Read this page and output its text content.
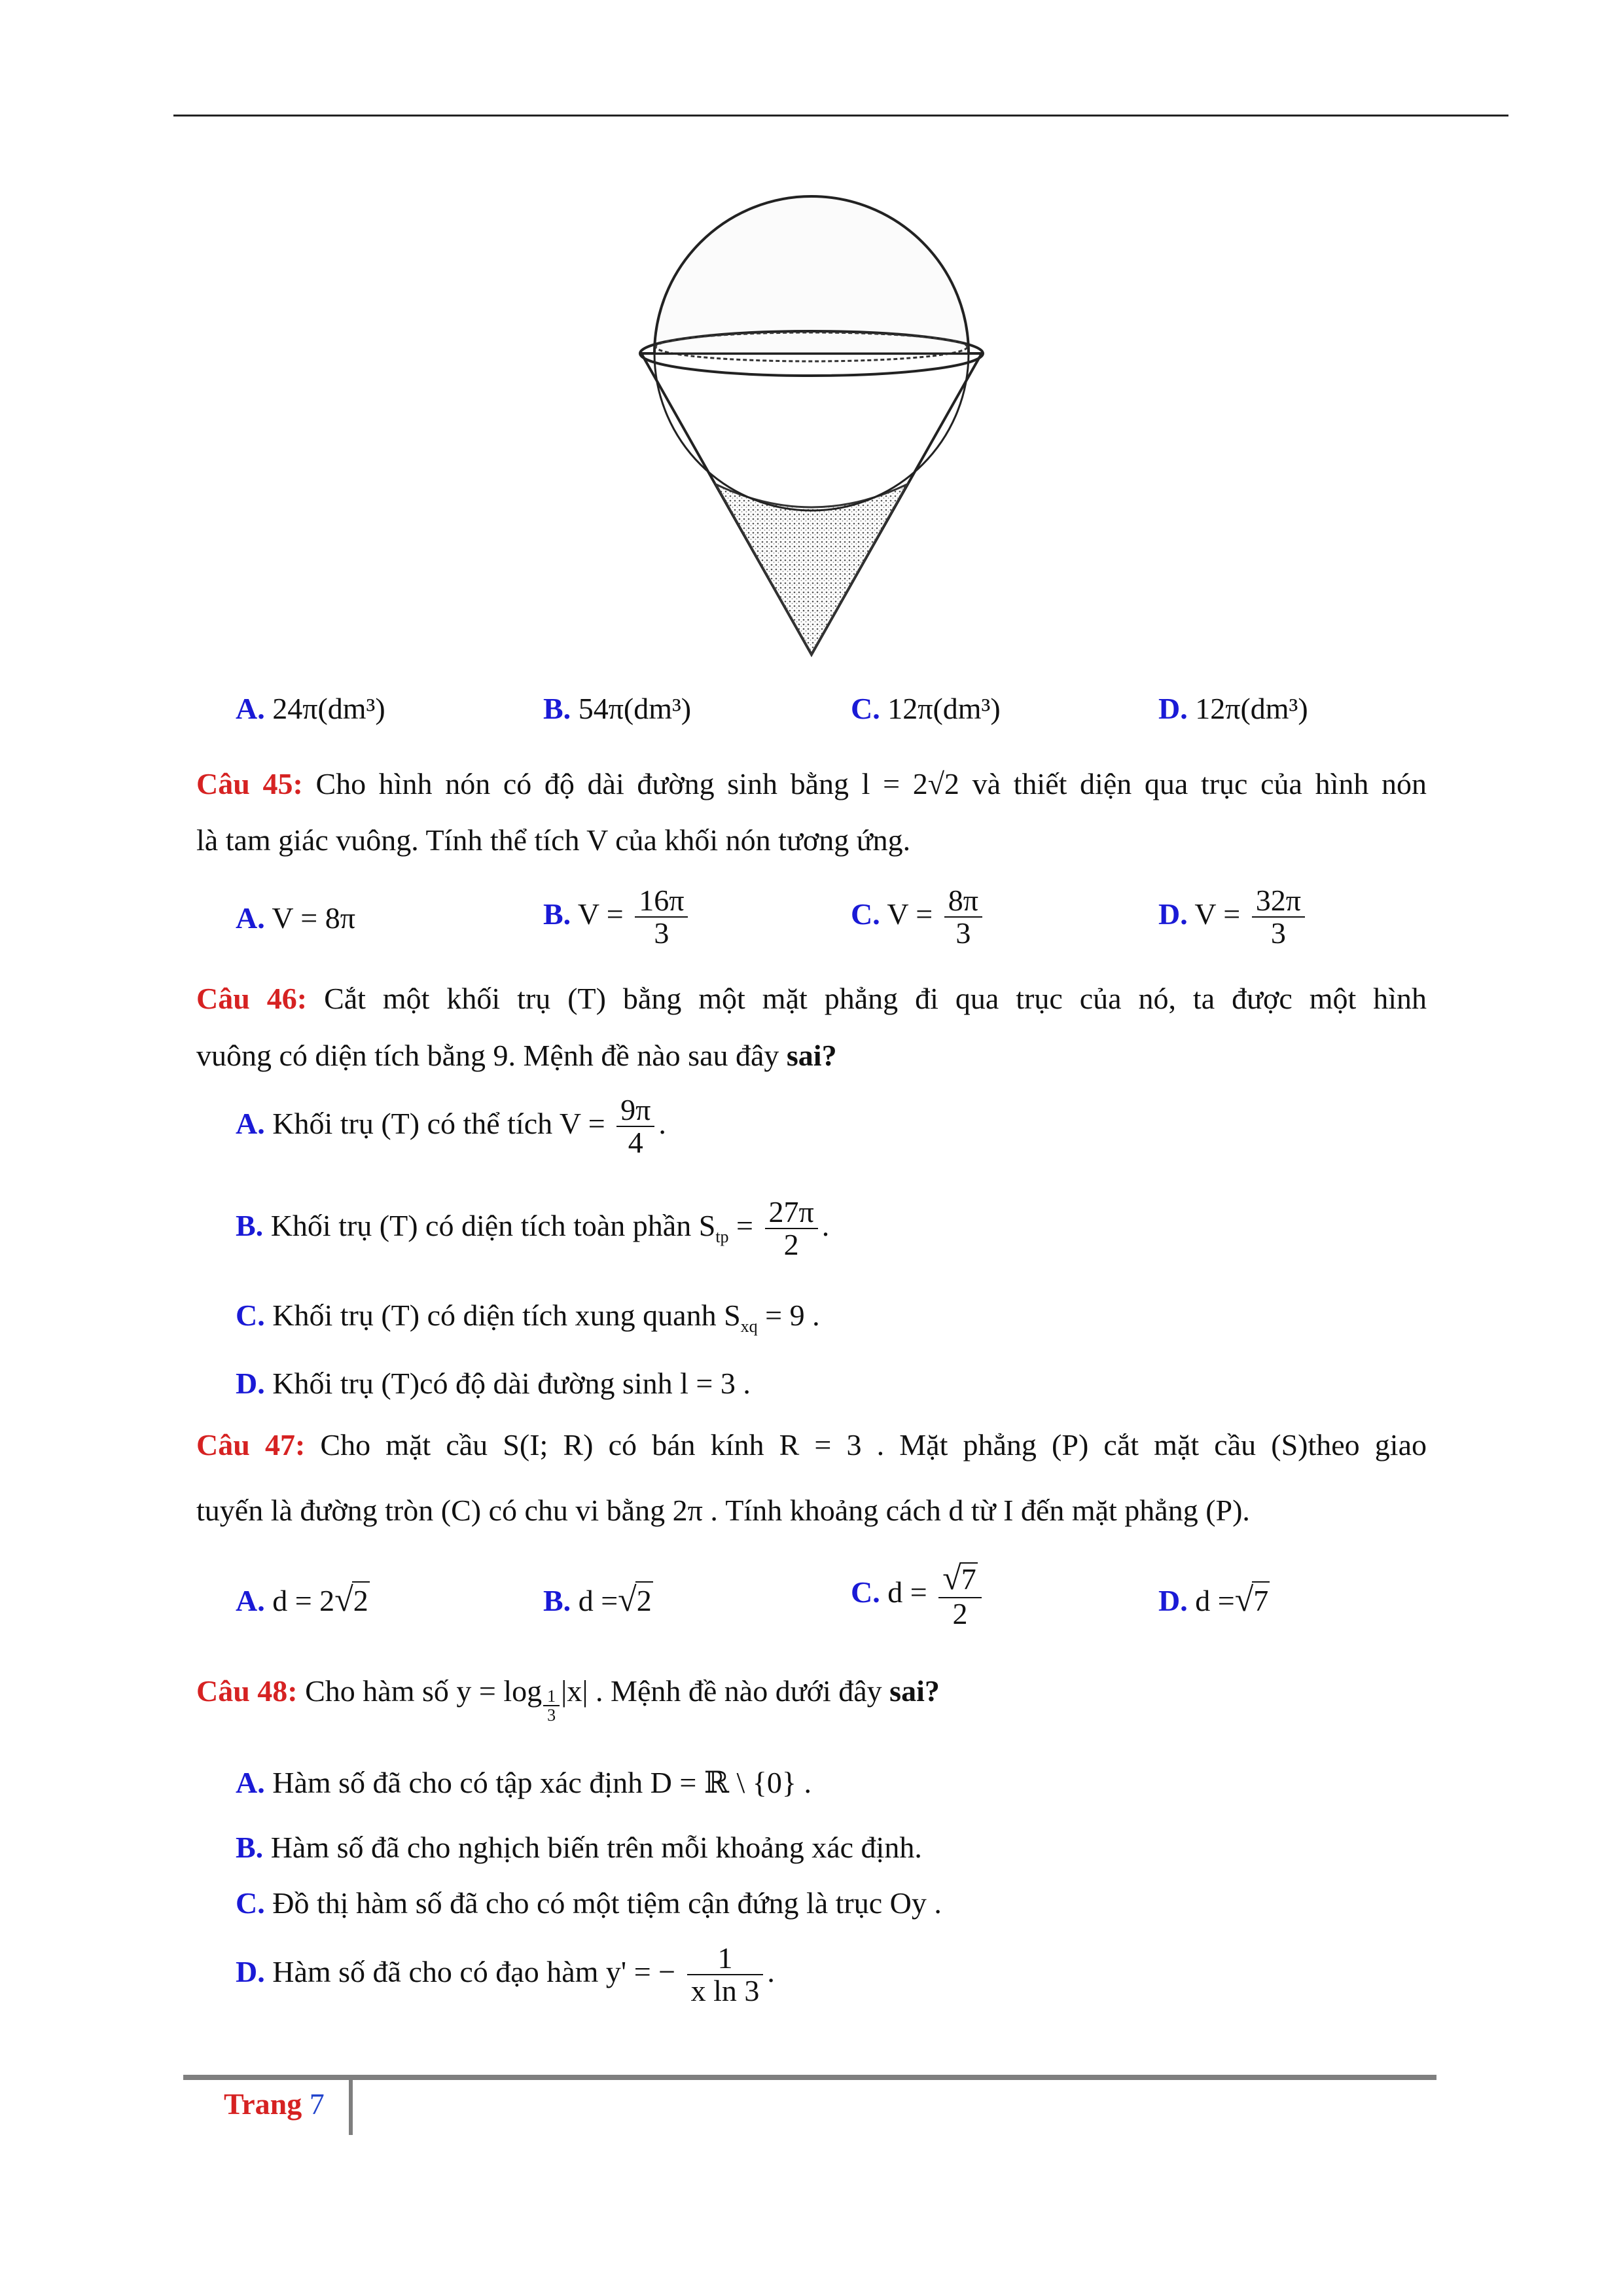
A. 24π(dm³)	B. 54π(dm³)	C. 12π(dm³)	D. 12π(dm³)
Câu 45: Cho hình nón có độ dài đường sinh bằng l = 2√2 và thiết diện qua trục của hình nón
là tam giác vuông. Tính thể tích V của khối nón tương ứng.
A. V = 8π	B. $V = \frac{16\pi}{3}$	C. $V = \frac{8\pi}{3}$	D. $V = \frac{32\pi}{3}$
Câu 46: Cắt một khối trụ (T) bằng một mặt phẳng đi qua trục của nó, ta được một hình
vuông có diện tích bằng 9. Mệnh đề nào sau đây sai?
A. Khối trụ (T) có thể tích $V = \frac{9\pi}{4}$ .
B. Khối trụ (T) có diện tích toàn phần $S_{tp} = \frac{27\pi}{2}$ .
C. Khối trụ (T) có diện tích xung quanh $S_{xq} = 9$ .
D. Khối trụ (T)có độ dài đường sinh l = 3 .
Câu 47: Cho mặt cầu S(I; R) có bán kính R = 3 . Mặt phẳng (P) cắt mặt cầu (S)theo giao
tuyến là đường tròn (C) có chu vi bằng 2π . Tính khoảng cách d từ I đến mặt phẳng (P).
A. d = 2√2	B. d =√2	C. $d = \frac{√7}{2}$	D. d =√7
Câu 48: Cho hàm số $y = \log \frac{1}{3} |x|$ . Mệnh đề nào dưới đây sai?
A. Hàm số đã cho có tập xác định D = ℝ \ {0} .
B. Hàm số đã cho nghịch biến trên mỗi khoảng xác định.
C. Đồ thị hàm số đã cho có một tiệm cận đứng là trục Oy .
D. Hàm số đã cho có đạo hàm y' = − $\frac{1}{\text{x ln 3}}$ .
Trang 7
